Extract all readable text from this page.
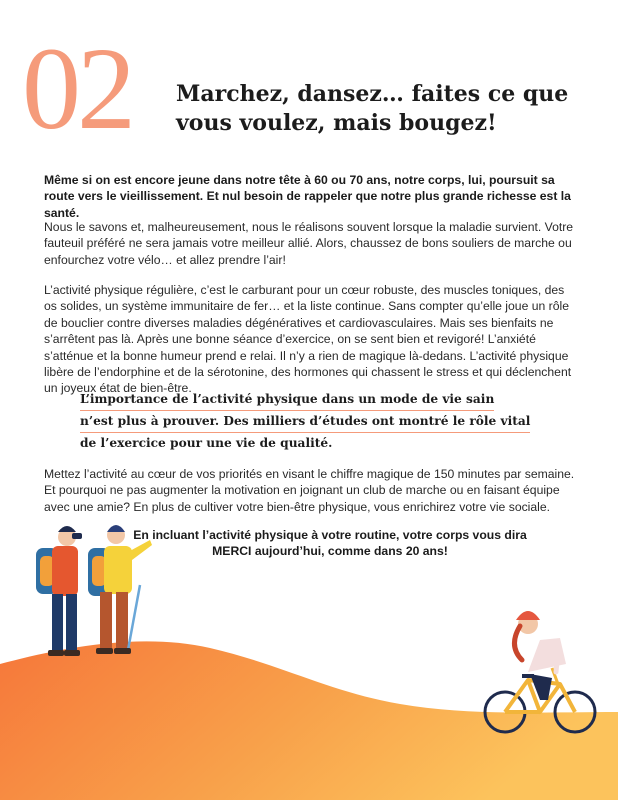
02 Marchez, dansez… faites ce que
vous voulez, mais bougez!

Même si on est encore jeune dans notre tête à 60 ou 70 ans, notre corps, lui, poursuit sa route vers le vieillissement. Et nul besoin de rappeler que notre plus grande richesse est la santé.

Nous le savons et, malheureusement, nous le réalisons souvent lorsque la maladie survient. Votre fauteuil préféré ne sera jamais votre meilleur allié. Alors, chaussez de bons souliers de marche ou enfourchez votre vélo… et allez prendre l’air!

L’activité physique régulière, c’est le carburant pour un cœur robuste, des muscles toniques, des os solides, un système immunitaire de fer… et la liste continue. Sans compter qu’elle joue un rôle de bouclier contre diverses maladies dégénératives et cardiovasculaires. Mais ses bienfaits ne s’arrêtent pas là. Après une bonne séance d’exercice, on se sent bien et revigoré! L’anxiété s’atténue et la bonne humeur prend e relai. Il n’y a rien de magique là-dedans. L’activité physique libère de l’endorphine et de la sérotonine, des hormones qui chassent le stress et qui déclenchent un joyeux état de bien-être.

L’importance de l’activité physique dans un mode de vie sain
n’est plus à prouver. Des milliers d’études ont montré le rôle vital
de l’exercice pour une vie de qualité.

Mettez l’activité au cœur de vos priorités en visant le chiffre magique de 150 minutes par semaine. Et pourquoi ne pas augmenter la motivation en joignant un club de marche ou en faisant équipe avec une amie? En plus de cultiver votre bien-être physique, vous enrichirez votre vie sociale.

En incluant l’activité physique à votre routine, votre corps vous dira MERCI aujourd’hui, comme dans 20 ans!
